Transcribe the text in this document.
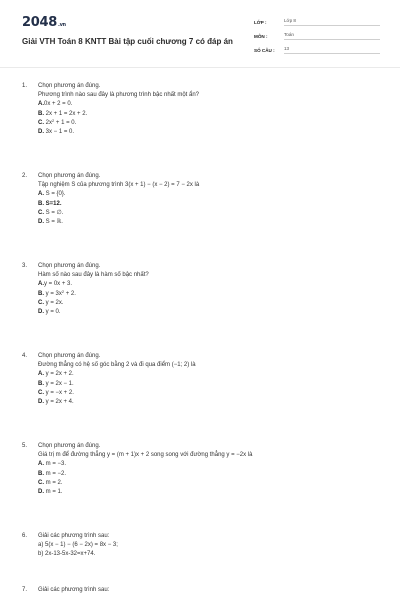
2048.vn
Giải VTH Toán 8 KNTT Bài tập cuối chương 7 có đáp án
LỚP :	Lớp 8
MÔN :	Toán
SỐ CÂU :	13
1. Chọn phương án đúng.
Phương trình nào sau đây là phương trình bậc nhất một ẩn?
A.0x + 2 = 0.
B. 2x + 1 = 2x + 2.
C. $2x^2 + 1 = 0$.
D. 3x − 1 = 0.
2. Chọn phương án đúng.
Tập nghiệm S của phương trình 3(x + 1) − (x − 2) = 7 − 2x là
A. S = {0}.
B. S=12.
C. S = ∅.
D. S = ℝ.
3. Chọn phương án đúng.
Hàm số nào sau đây là hàm số bậc nhất?
A.y = 0x + 3.
B. $y = 3x^2 + 2$.
C. y = 2x.
D. y = 0.
4. Chọn phương án đúng.
Đường thẳng có hệ số góc bằng 2 và đi qua điểm (−1; 2) là
A. y = 2x + 2.
B. y = 2x − 1.
C. y = −x + 2.
D. y = 2x + 4.
5. Chọn phương án đúng.
Giá trị m để đường thẳng y = (m + 1)x + 2 song song với đường thẳng y = −2x là
A. m = −3.
B. m = −2.
C. m = 2.
D. m = 1.
6. Giải các phương trình sau:
a) 5(x − 1) − (6 − 2x) = 8x − 3;
b) 2x-13-5x-32=x+74.
7. Giải các phương trình sau:
